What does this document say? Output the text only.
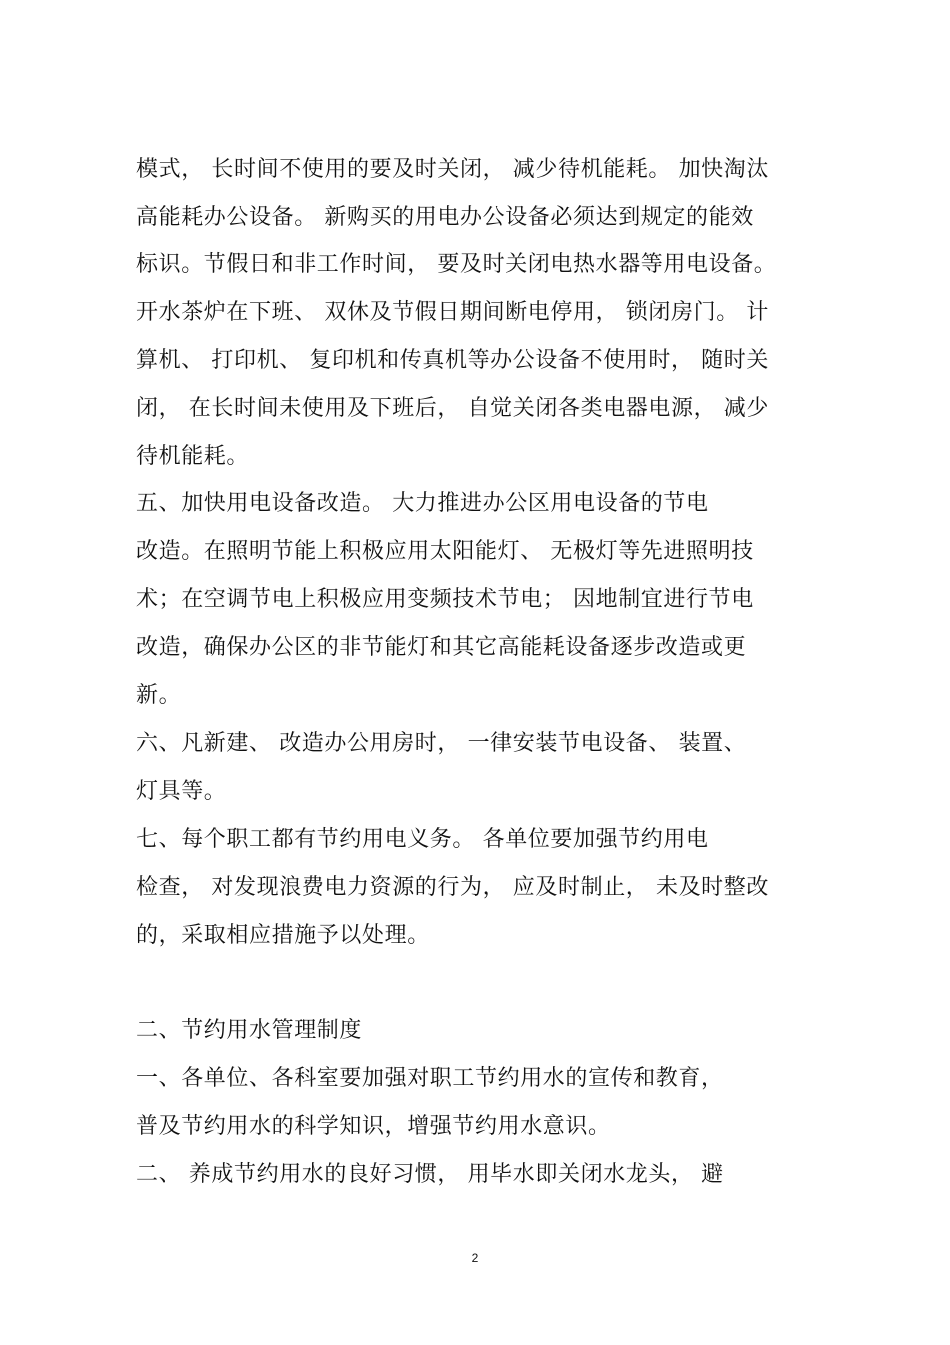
模式， 长时间不使用的要及时关闭， 减少待机能耗。 加快淘汰
高能耗办公设备。 新购买的用电办公设备必须达到规定的能效
标识。节假日和非工作时间， 要及时关闭电热水器等用电设备。
开水茶炉在下班、 双休及节假日期间断电停用， 锁闭房门。 计
算机、 打印机、 复印机和传真机等办公设备不使用时， 随时关
闭， 在长时间未使用及下班后， 自觉关闭各类电器电源， 减少
待机能耗。
五、加快用电设备改造。 大力推进办公区用电设备的节电
改造。在照明节能上积极应用太阳能灯、 无极灯等先进照明技
术；在空调节电上积极应用变频技术节电； 因地制宜进行节电
改造，确保办公区的非节能灯和其它高能耗设备逐步改造或更
新。
六、凡新建、 改造办公用房时， 一律安装节电设备、 装置、
灯具等。
七、每个职工都有节约用电义务。 各单位要加强节约用电
检查， 对发现浪费电力资源的行为， 应及时制止， 未及时整改
的，采取相应措施予以处理。
二、节约用水管理制度
一、各单位、各科室要加强对职工节约用水的宣传和教育，
普及节约用水的科学知识，增强节约用水意识。
二、 养成节约用水的良好习惯， 用毕水即关闭水龙头， 避
2
